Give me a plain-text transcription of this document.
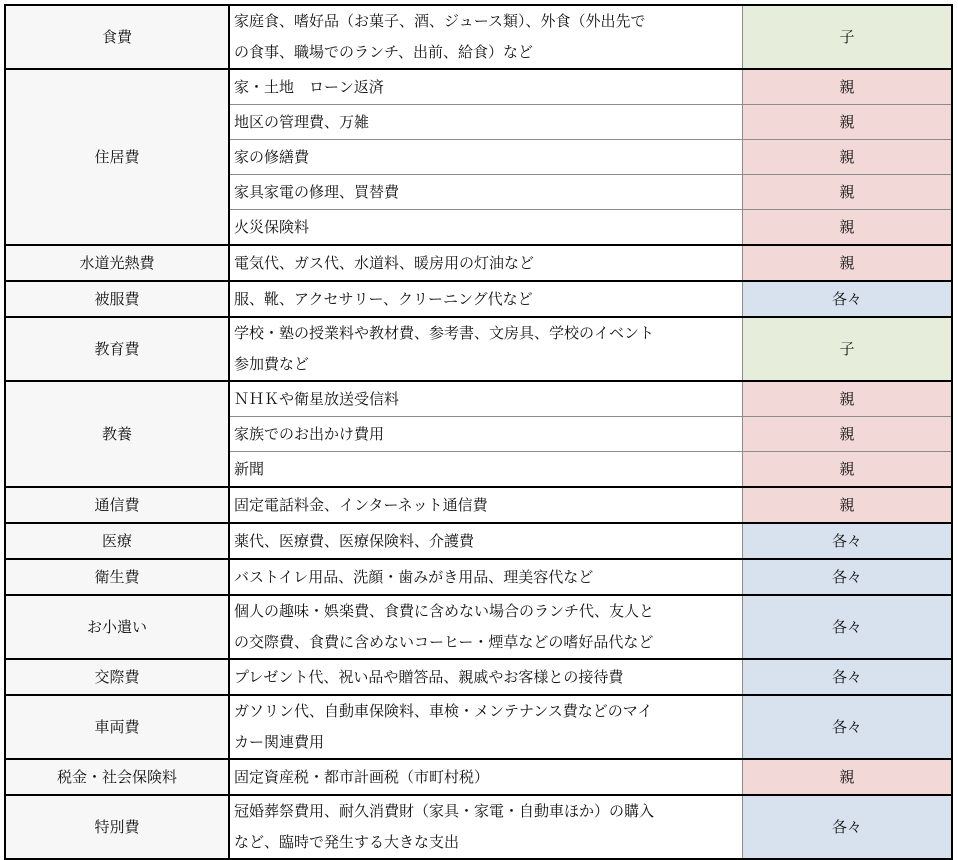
食費	家庭食、嗜好品（お菓子、酒、ジュース類）、外食（外出先で
の食事、職場でのランチ、出前、給食）など	子
住居費	家・土地　ローン返済	親

	地区の管理費、万雑	親

	家の修繕費	親

	家具家電の修理、買替費	親

	火災保険料	親
水道光熱費	電気代、ガス代、水道料、暖房用の灯油など	親
被服費	服、靴、アクセサリー、クリーニング代など	各々
教育費	学校・塾の授業料や教材費、参考書、文房具、学校のイベント
参加費など	子
教養	ＮＨＫや衛星放送受信料	親

	家族でのお出かけ費用	親

	新聞	親
通信費	固定電話料金、インターネット通信費	親
医療	薬代、医療費、医療保険料、介護費	各々
衛生費	バストイレ用品、洗顔・歯みがき用品、理美容代など	各々
お小遣い	個人の趣味・娯楽費、食費に含めない場合のランチ代、友人と
の交際費、食費に含めないコーヒー・煙草などの嗜好品代など	各々
交際費	プレゼント代、祝い品や贈答品、親戚やお客様との接待費	各々
車両費	ガソリン代、自動車保険料、車検・メンテナンス費などのマイ
カー関連費用	各々
税金・社会保険料	固定資産税・都市計画税（市町村税）	親
特別費	冠婚葬祭費用、耐久消費財（家具・家電・自動車ほか）の購入
など、臨時で発生する大きな支出	各々
